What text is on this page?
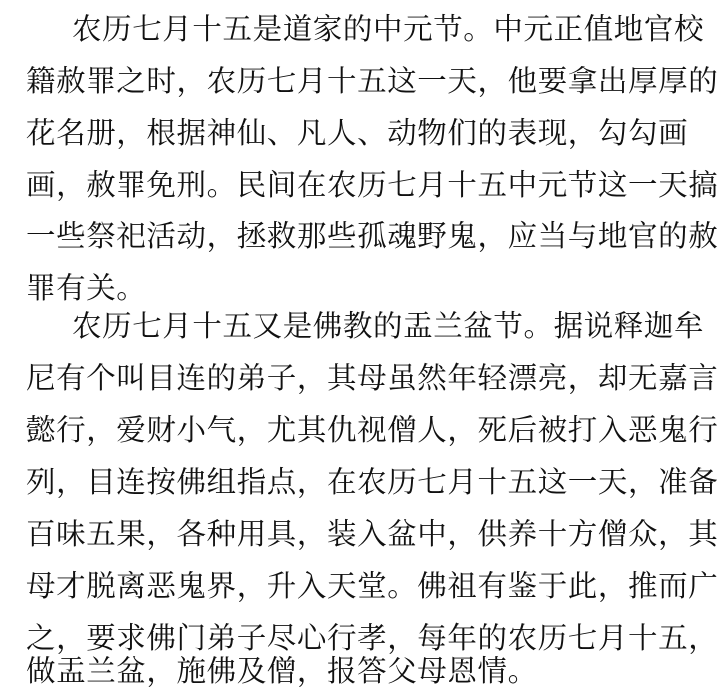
农历七月十五是道家的中元节。中元正值地官校
籍赦罪之时，农历七月十五这一天，他要拿出厚厚的
花名册，根据神仙、凡人、动物们的表现，勾勾画
画，赦罪免刑。民间在农历七月十五中元节这一天搞
一些祭祀活动，拯救那些孤魂野鬼，应当与地官的赦
罪有关。
农历七月十五又是佛教的盂兰盆节。据说释迦牟
尼有个叫目连的弟子，其母虽然年轻漂亮，却无嘉言
懿行，爱财小气，尤其仇视僧人，死后被打入恶鬼行
列，目连按佛组指点，在农历七月十五这一天，准备
百味五果，各种用具，装入盆中，供养十方僧众，其
母才脱离恶鬼界，升入天堂。佛祖有鉴于此，推而广
之，要求佛门弟子尽心行孝，每年的农历七月十五，
做盂兰盆，施佛及僧，报答父母恩情。
